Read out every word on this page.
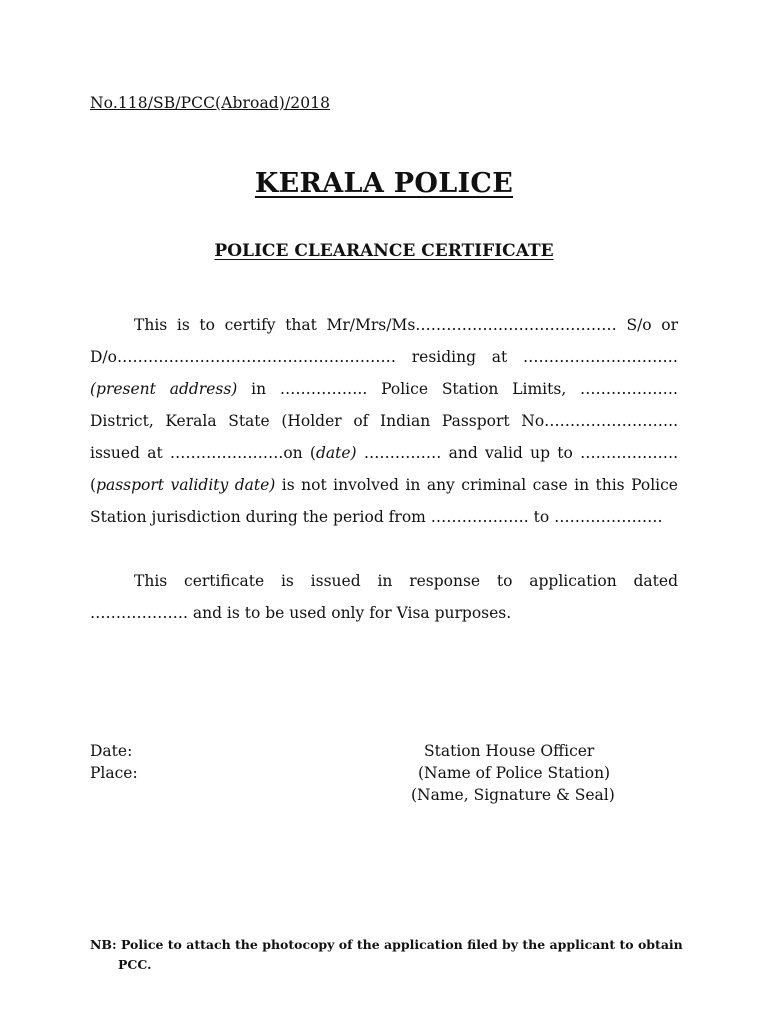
No.118/SB/PCC(Abroad)/2018
KERALA POLICE
POLICE CLEARANCE CERTIFICATE
This is to certify that Mr/Mrs/Ms………………………………… S/o or D/o……………………………………………… residing at …………………………(present address) in …………….. Police Station Limits, ………………. District, Kerala State (Holder of Indian Passport No…………………….. issued at ………………….on (date) …………… and valid up to ………………. (passport validity date) is not involved in any criminal case in this Police Station jurisdiction during the period from ………………. to …………………
This certificate is issued in response to application dated ………………. and is to be used only for Visa purposes.
Date:
Place:
Station House Officer
(Name of Police Station)
(Name, Signature & Seal)
NB: Police to attach the photocopy of the application filed by the applicant to obtain PCC.
